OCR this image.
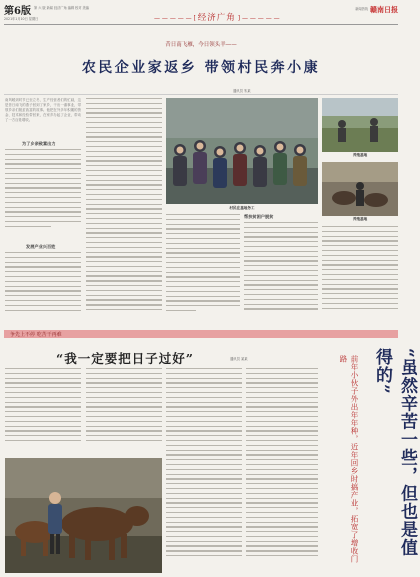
第6版 第 六 版 新闻 经济广角 编辑 校对 美编
2021年1月10日 星期日	— — — — — [ 经济广角 ] — — — — —
新闻热线 赣南日报
昔日南飞雁，今日领头羊——
农民企业家返乡 带领村民奔小康
通讯员 朱某
南风暖到时节已至立冬，生产经营者们的忙碌，这是昔日南飞的燕子回到了家乡，干出一番事业，带领乡亲们脱贫致富的故事。他把在外多年积累的资金、技术和经验带回来，在家乡办起了企业，带动了一方百姓增收。
为了乡亲致富出力
发展产业兴百姓
村民在基地务工
帮扶贫困户脱贫
养殖基地
养殖基地
争先上不停 吃苦干再难
“我一定要把日子过好”	通讯员 某某	“虽然辛苦一些，但也是值得的”
前年小伙子外出年年种，近年回乡时搞产业，拓宽了增收门路
